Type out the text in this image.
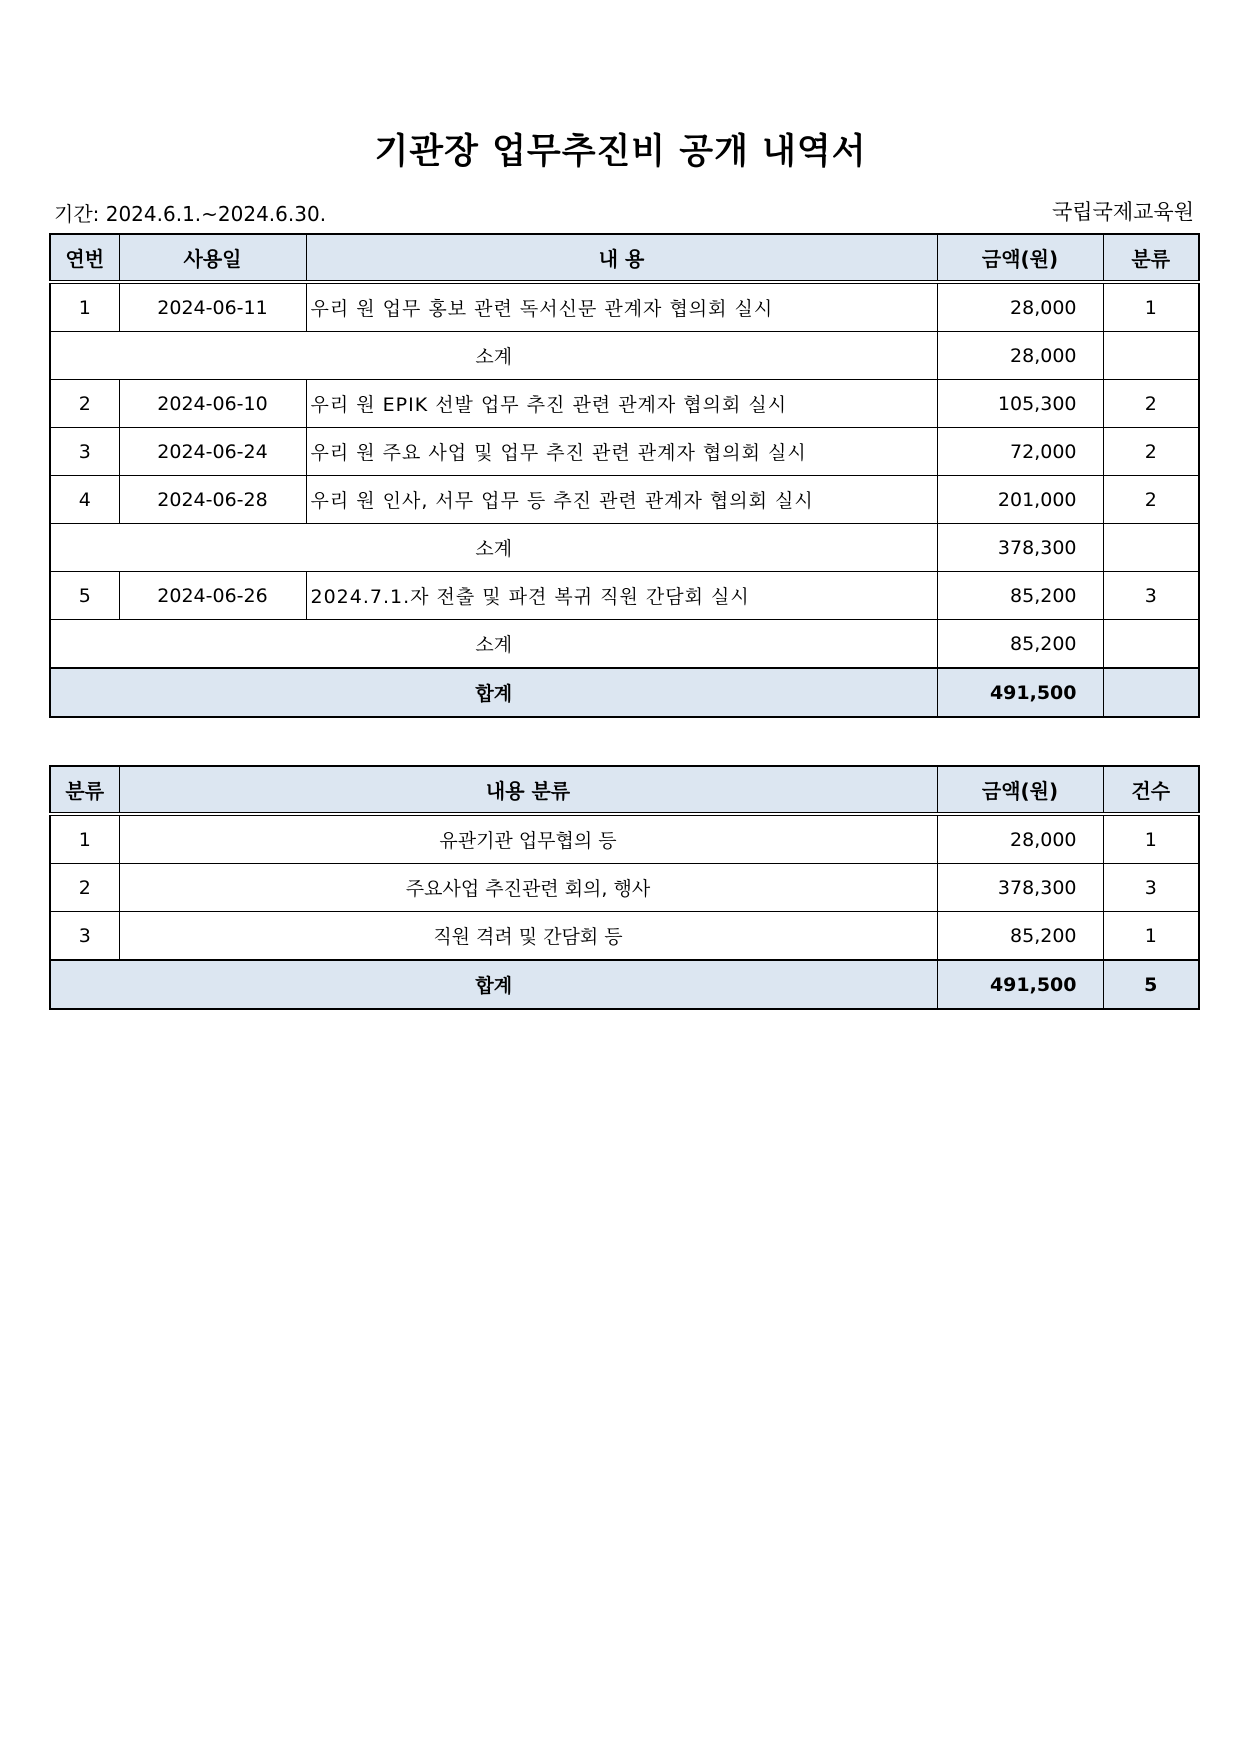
기관장 업무추진비 공개 내역서
기간: 2024.6.1.~2024.6.30.	국립국제교육원
연번	사용일	내 용	금액(원)	분류
1	2024-06-11	우리 원 업무 홍보 관련 독서신문 관계자 협의회 실시	28,000	1
소계			28,000	
2	2024-06-10	우리 원 EPIK 선발 업무 추진 관련 관계자 협의회 실시	105,300	2
3	2024-06-24	우리 원 주요 사업 및 업무 추진 관련 관계자 협의회 실시	72,000	2
4	2024-06-28	우리 원 인사, 서무 업무 등 추진 관련 관계자 협의회 실시	201,000	2
소계			378,300	
5	2024-06-26	2024.7.1.자 전출 및 파견 복귀 직원 간담회 실시	85,200	3
소계			85,200	
합계			491,500	
분류	내용 분류	금액(원)	건수
1	유관기관 업무협의 등	28,000	1
2	주요사업 추진관련 회의, 행사	378,300	3
3	직원 격려 및 간담회 등	85,200	1
합계		491,500	5
